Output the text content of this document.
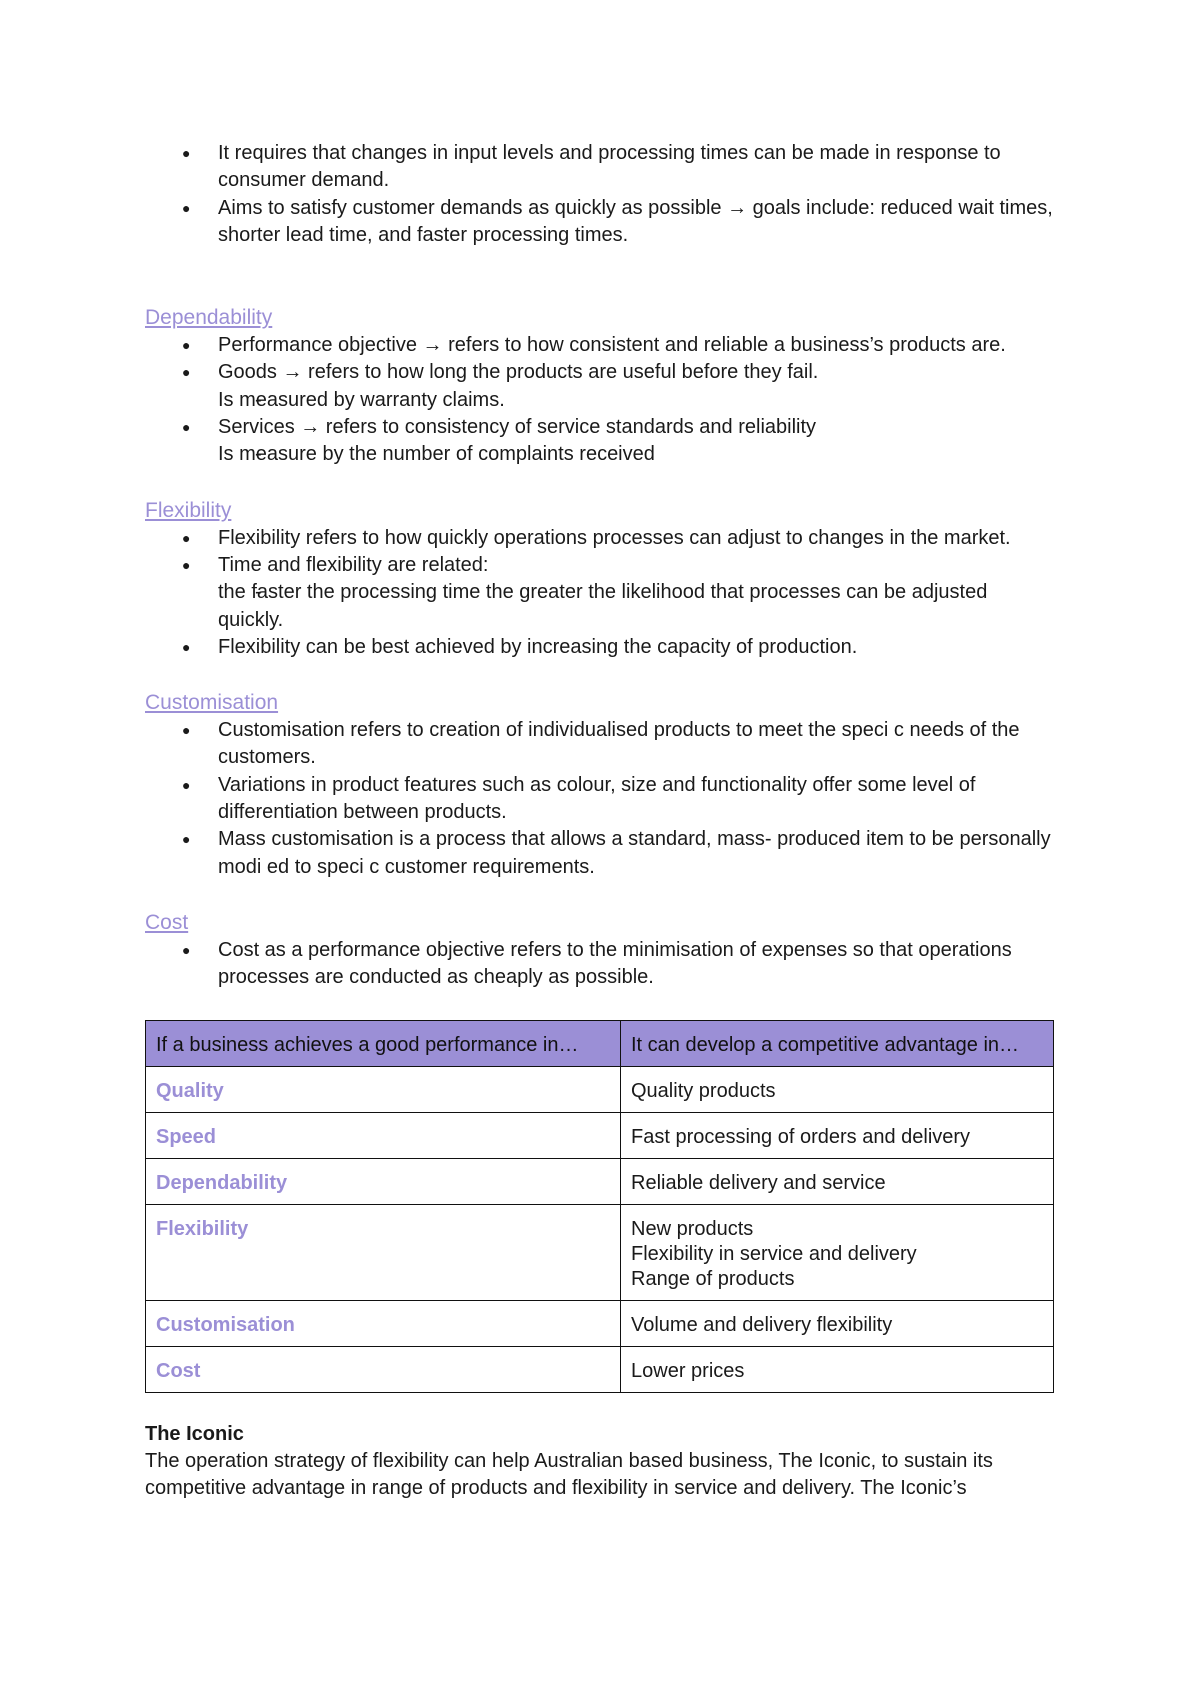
● It requires that changes in input levels and processing times can be made in response to consumer demand.
● Aims to satisfy customer demands as quickly as possible → goals include: reduced wait times, shorter lead time, and faster processing times.

Dependability

● Performance objective → refers to how consistent and reliable a business’s products are.
● Goods → refers to how long the products are useful before they fail.
- Is measured by warranty claims.
● Services → refers to consistency of service standards and reliability
- Is measure by the number of complaints received

Flexibility

● Flexibility refers to how quickly operations processes can adjust to changes in the market.
● Time and flexibility are related:
- the faster the processing time the greater the likelihood that processes can be adjusted quickly.
● Flexibility can be best achieved by increasing the capacity of production.

Customisation

● Customisation refers to creation of individualised products to meet the speci c needs of the customers.
● Variations in product features such as colour, size and functionality offer some level of differentiation between products.
● Mass customisation is a process that allows a standard, mass- produced item to be personally modi ed to speci c customer requirements.

Cost

● Cost as a performance objective refers to the minimisation of expenses so that operations processes are conducted as cheaply as possible.
If a business achieves a good performance in…	It can develop a competitive advantage in…
Quality	Quality products
Speed	Fast processing of orders and delivery
Dependability	Reliable delivery and service
Flexibility	New products
Flexibility in service and delivery
Range of products

Customisation	Volume and delivery flexibility
Cost	Lower prices

The Iconic

The operation strategy of flexibility can help Australian based business, The Iconic, to sustain its competitive advantage in range of products and flexibility in service and delivery. The Iconic’s
